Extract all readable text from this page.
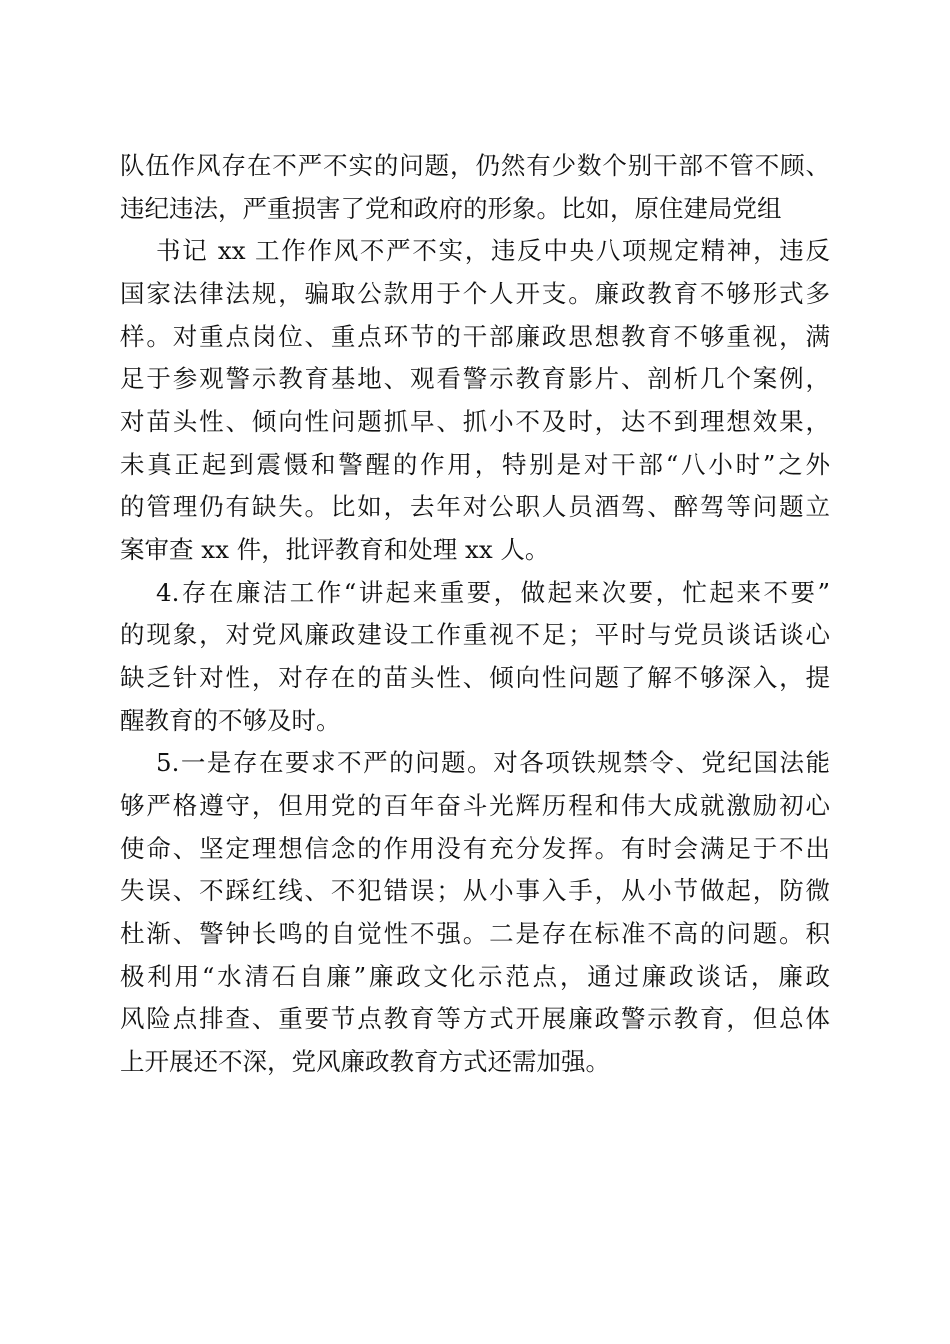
队伍作风存在不严不实的问题，仍然有少数个别干部不管不顾、
违纪违法，严重损害了党和政府的形象。比如，原住建局党组
书记 xx 工作作风不严不实，违反中央八项规定精神，违反
国家法律法规，骗取公款用于个人开支。廉政教育不够形式多
样。对重点岗位、重点环节的干部廉政思想教育不够重视，满
足于参观警示教育基地、观看警示教育影片、剖析几个案例，
对苗头性、倾向性问题抓早、抓小不及时，达不到理想效果，
未真正起到震慑和警醒的作用，特别是对干部“八小时”之外
的管理仍有缺失。比如，去年对公职人员酒驾、醉驾等问题立
案审查 xx 件，批评教育和处理 xx 人。
4.存在廉洁工作“讲起来重要，做起来次要，忙起来不要”
的现象，对党风廉政建设工作重视不足；平时与党员谈话谈心
缺乏针对性，对存在的苗头性、倾向性问题了解不够深入，提
醒教育的不够及时。
5.一是存在要求不严的问题。对各项铁规禁令、党纪国法能
够严格遵守，但用党的百年奋斗光辉历程和伟大成就激励初心
使命、坚定理想信念的作用没有充分发挥。有时会满足于不出
失误、不踩红线、不犯错误；从小事入手，从小节做起，防微
杜渐、警钟长鸣的自觉性不强。二是存在标准不高的问题。积
极利用“水清石自廉”廉政文化示范点，通过廉政谈话，廉政
风险点排查、重要节点教育等方式开展廉政警示教育，但总体
上开展还不深，党风廉政教育方式还需加强。
